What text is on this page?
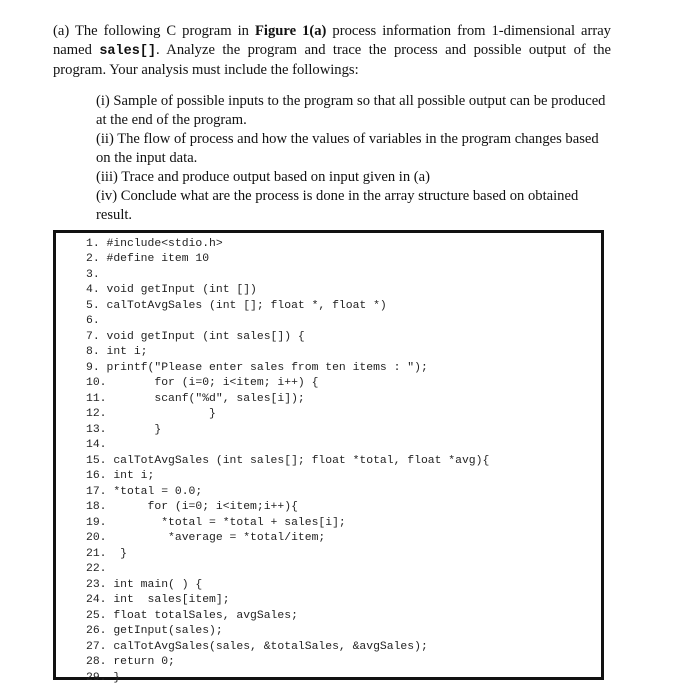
(a) The following C program in Figure 1(a) process information from 1-dimensional array named sales[]. Analyze the program and trace the process and possible output of the program. Your analysis must include the followings:

(i) Sample of possible inputs to the program so that all possible output can be produced at the end of the program.
(ii) The flow of process and how the values of variables in the program changes based on the input data.
(iii) Trace and produce output based on input given in (a)
(iv) Conclude what are the process is done in the array structure based on obtained result.
1. #include<stdio.h>
2. #define item 10
3.
4. void getInput (int [])
5. calTotAvgSales (int []; float *, float *)
6.
7. void getInput (int sales[]) {
8. int i;
9. printf("Please enter sales from ten items : ");
10.       for (i=0; i<item; i++) {
11.       scanf("%d", sales[i]);
12.               }
13.       }
14.
15. calTotAvgSales (int sales[]; float *total, float *avg){
16. int i;
17. *total = 0.0;
18.      for (i=0; i<item;i++){
19.        *total = *total + sales[i];
20.         *average = *total/item;
21.  }
22.
23. int main( ) {
24. int  sales[item];
25. float totalSales, avgSales;
26. getInput(sales);
27. calTotAvgSales(sales, &totalSales, &avgSales);
28. return 0;
29. }
